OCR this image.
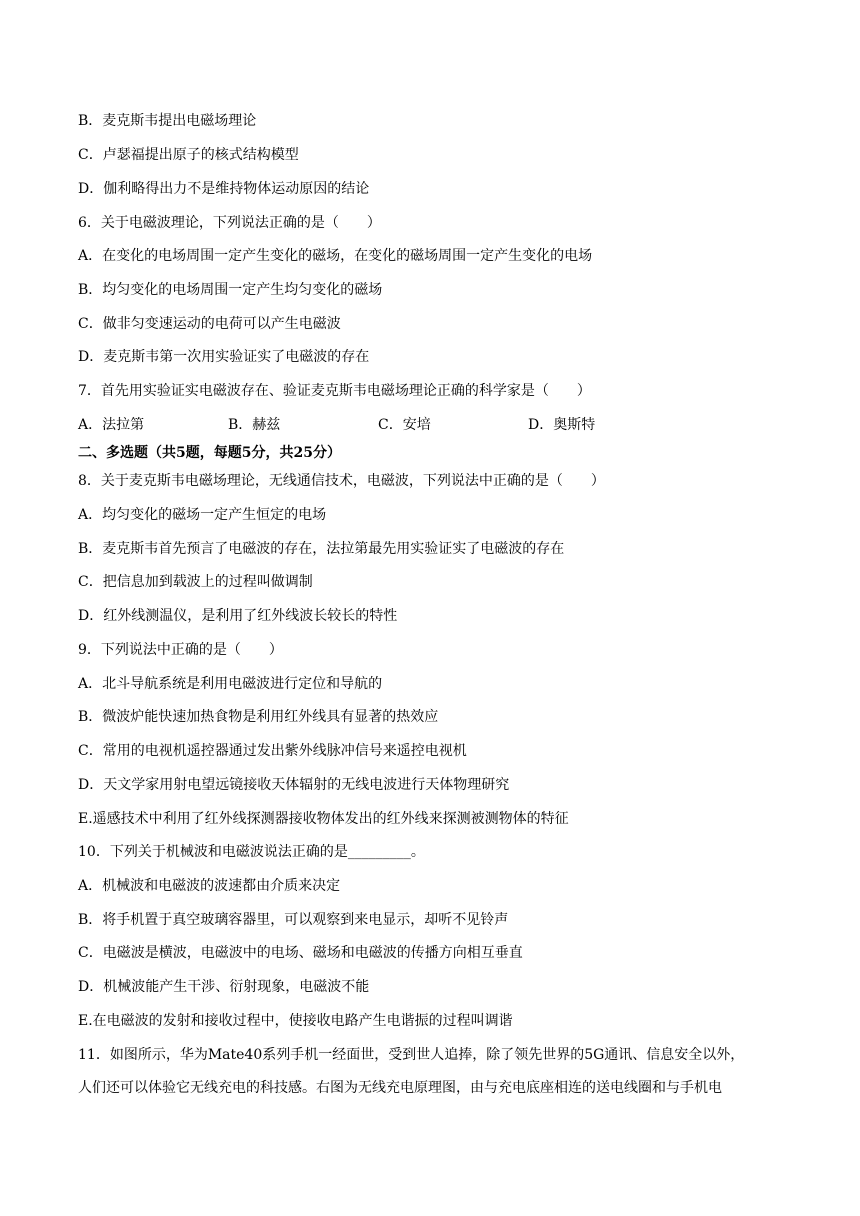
B．麦克斯韦提出电磁场理论
C．卢瑟福提出原子的核式结构模型
D．伽利略得出力不是维持物体运动原因的结论
6．关于电磁波理论，下列说法正确的是（　　）
A．在变化的电场周围一定产生变化的磁场，在变化的磁场周围一定产生变化的电场
B．均匀变化的电场周围一定产生均匀变化的磁场
C．做非匀变速运动的电荷可以产生电磁波
D．麦克斯韦第一次用实验证实了电磁波的存在
7．首先用实验证实电磁波存在、验证麦克斯韦电磁场理论正确的科学家是（　　）
A．法拉第	B．赫兹	C．安培	D．奥斯特
二、多选题（共5题，每题5分，共25分）
8．关于麦克斯韦电磁场理论，无线通信技术，电磁波，下列说法中正确的是（　　）
A．均匀变化的磁场一定产生恒定的电场
B．麦克斯韦首先预言了电磁波的存在，法拉第最先用实验证实了电磁波的存在
C．把信息加到载波上的过程叫做调制
D．红外线测温仪，是利用了红外线波长较长的特性
9．下列说法中正确的是（　　）
A．北斗导航系统是利用电磁波进行定位和导航的
B．微波炉能快速加热食物是利用红外线具有显著的热效应
C．常用的电视机遥控器通过发出紫外线脉冲信号来遥控电视机
D．天文学家用射电望远镜接收天体辐射的无线电波进行天体物理研究
E.遥感技术中利用了红外线探测器接收物体发出的红外线来探测被测物体的特征
10．下列关于机械波和电磁波说法正确的是_________。
A．机械波和电磁波的波速都由介质来决定
B．将手机置于真空玻璃容器里，可以观察到来电显示，却听不见铃声
C．电磁波是横波，电磁波中的电场、磁场和电磁波的传播方向相互垂直
D．机械波能产生干涉、衍射现象，电磁波不能
E.在电磁波的发射和接收过程中，使接收电路产生电谐振的过程叫调谐
11．如图所示，华为Mate40系列手机一经面世，受到世人追捧，除了领先世界的5G通讯、信息安全以外，
人们还可以体验它无线充电的科技感。右图为无线充电原理图，由与充电底座相连的送电线圈和与手机电
